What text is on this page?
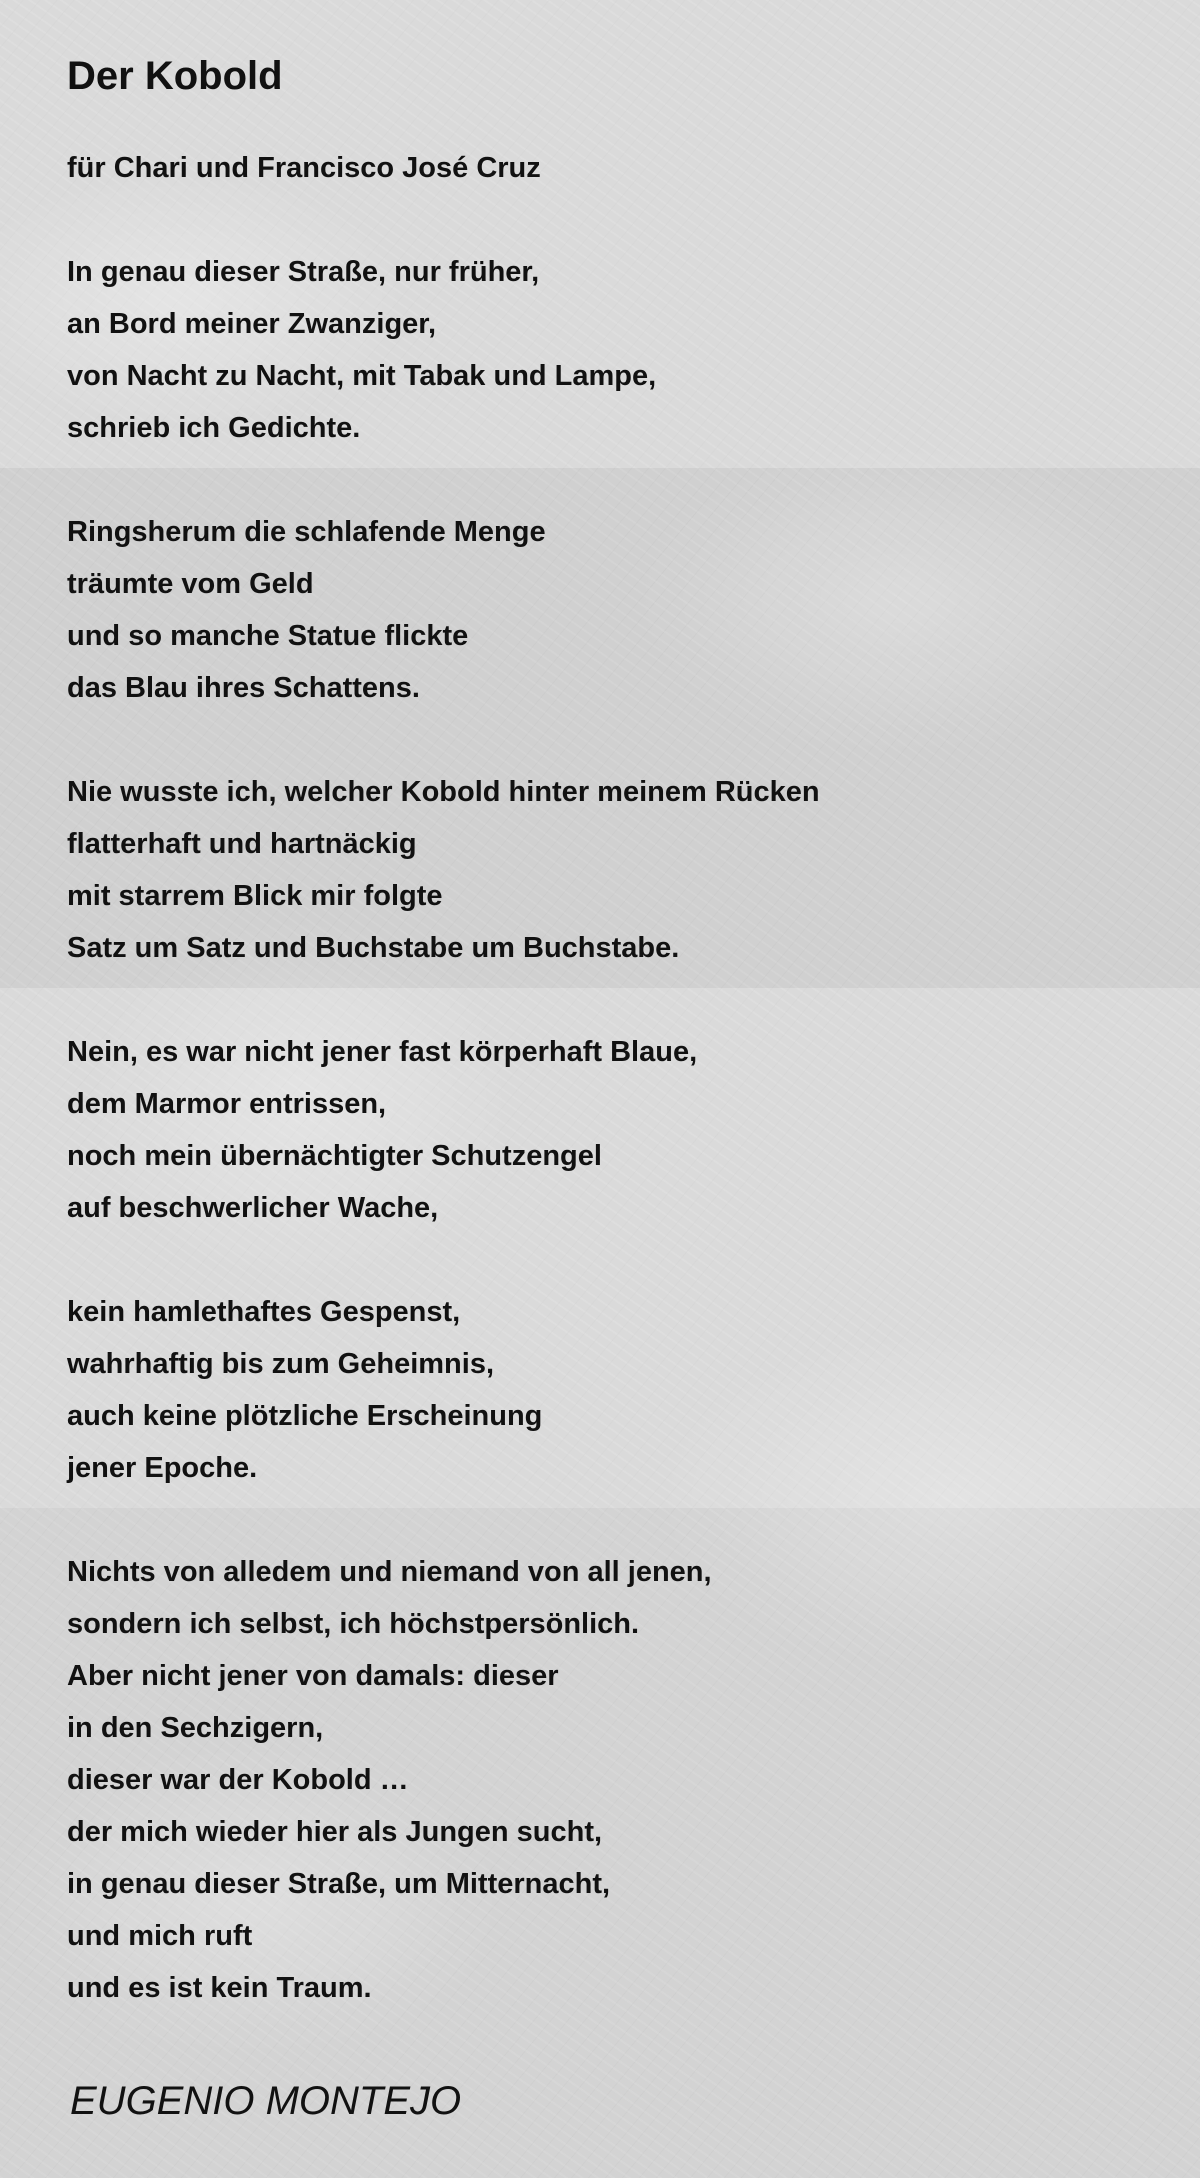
Der Kobold
für Chari und Francisco José Cruz
In genau dieser Straße, nur früher,
an Bord meiner Zwanziger,
von Nacht zu Nacht, mit Tabak und Lampe,
schrieb ich Gedichte.
Ringsherum die schlafende Menge
träumte vom Geld
und so manche Statue flickte
das Blau ihres Schattens.
Nie wusste ich, welcher Kobold hinter meinem Rücken
flatterhaft und hartnäckig
mit starrem Blick mir folgte
Satz um Satz und Buchstabe um Buchstabe.
Nein, es war nicht jener fast körperhaft Blaue,
dem Marmor entrissen,
noch mein übernächtigter Schutzengel
auf beschwerlicher Wache,
kein hamlethaftes Gespenst,
wahrhaftig bis zum Geheimnis,
auch keine plötzliche Erscheinung
jener Epoche.
Nichts von alledem und niemand von all jenen,
sondern ich selbst, ich höchstpersönlich.
Aber nicht jener von damals: dieser
in den Sechzigern,
dieser war der Kobold …
der mich wieder hier als Jungen sucht,
in genau dieser Straße, um Mitternacht,
und mich ruft
und es ist kein Traum.
EUGENIO MONTEJO
